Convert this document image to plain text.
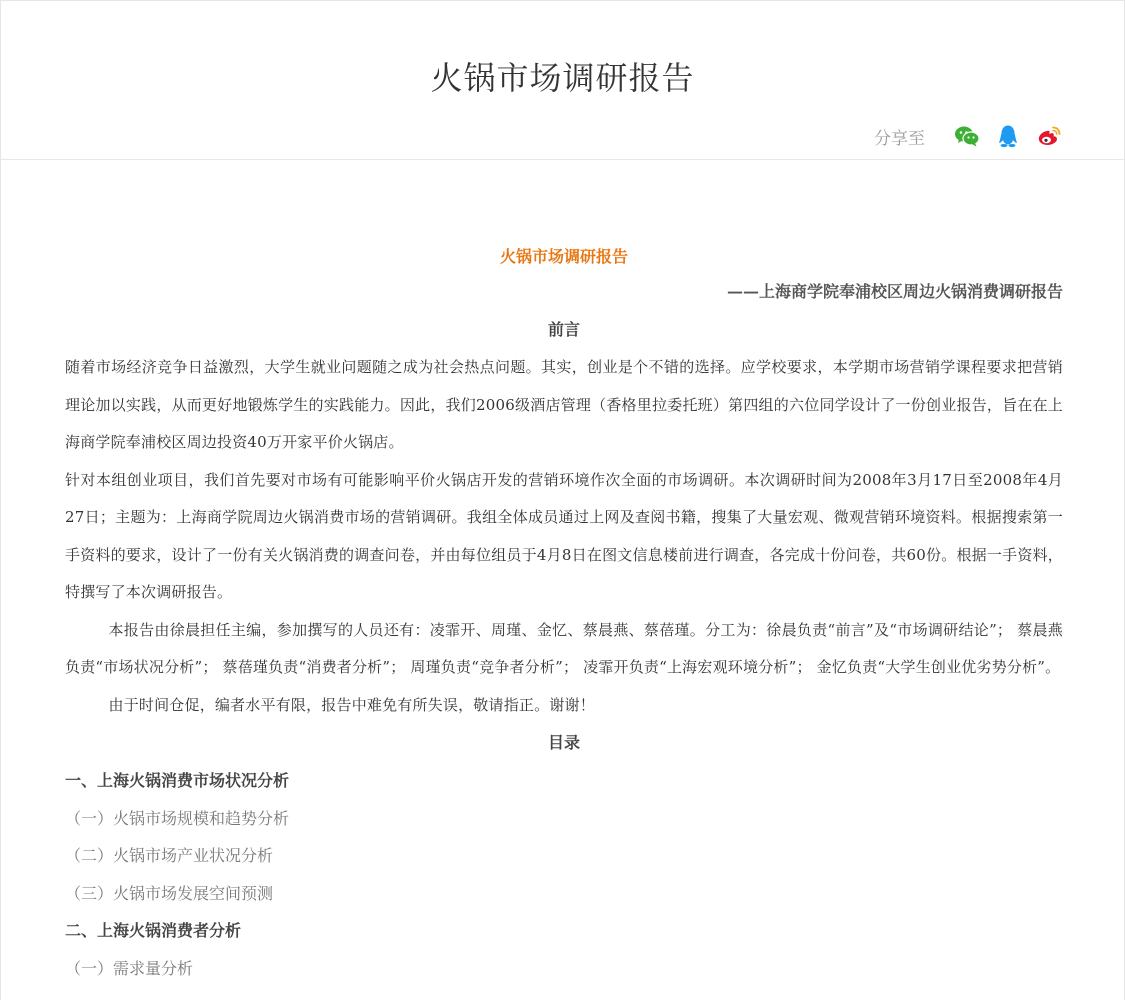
火锅市场调研报告
分享至
火锅市场调研报告
——上海商学院奉浦校区周边火锅消费调研报告
前言

随着市场经济竞争日益激烈，大学生就业问题随之成为社会热点问题。其实，创业是个不错的选择。应学校要求，本学期市场营销学课程要求把营销理论加以实践，从而更好地锻炼学生的实践能力。因此，我们2006级酒店管理（香格里拉委托班）第四组的六位同学设计了一份创业报告，旨在在上海商学院奉浦校区周边投资40万开家平价火锅店。

针对本组创业项目，我们首先要对市场有可能影响平价火锅店开发的营销环境作次全面的市场调研。本次调研时间为2008年3月17日至2008年4月27日；主题为：上海商学院周边火锅消费市场的营销调研。我组全体成员通过上网及查阅书籍，搜集了大量宏观、微观营销环境资料。根据搜索第一手资料的要求，设计了一份有关火锅消费的调查问卷，并由每位组员于4月8日在图文信息楼前进行调查，各完成十份问卷，共60份。根据一手资料，特撰写了本次调研报告。

本报告由徐晨担任主编，参加撰写的人员还有：凌霏开、周瑾、金忆、蔡晨燕、蔡蓓瑾。分工为：徐晨负责“前言”及“市场调研结论”； 蔡晨燕负责“市场状况分析”； 蔡蓓瑾负责“消费者分析”； 周瑾负责“竞争者分析”； 凌霏开负责“上海宏观环境分析”； 金忆负责“大学生创业优劣势分析”。

由于时间仓促，编者水平有限，报告中难免有所失误，敬请指正。谢谢！

目录
一、上海火锅消费市场状况分析
（一）火锅市场规模和趋势分析
（二）火锅市场产业状况分析
（三）火锅市场发展空间预测
二、上海火锅消费者分析
（一）需求量分析
